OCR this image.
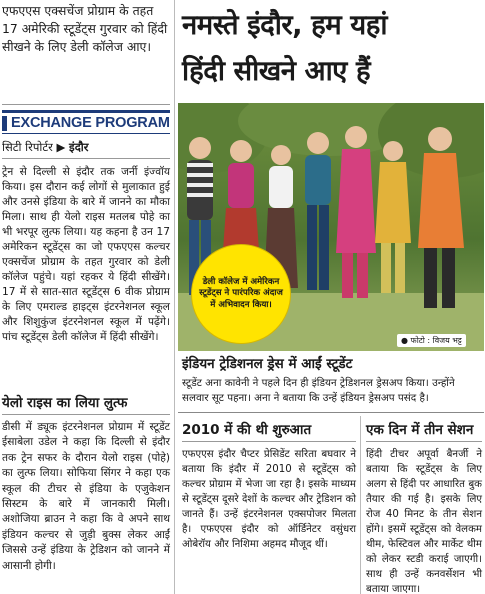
एफएएस एक्सचेंज प्रोग्राम के तहत 17 अमेरिकी स्टूडेंट्स गुरवार को हिंदी सीखने के लिए डेली कॉलेज आए।

EXCHANGE PROGRAM
सिटी रिपोर्टर ▶ इंदौर

ट्रेन से दिल्ली से इंदौर तक जर्नी इंज्वॉय किया। इस दौरान कई लोगों से मुलाकात हुई और उनसे इंडिया के बारे में जानने का मौका मिला। साथ ही येलो राइस मतलब पोहे का भी भरपूर लुत्फ लिया। यह कहना है उन 17 अमेरिकन स्टूडेंट्स का जो एफएएस कल्चर एक्सचेंज प्रोग्राम के तहत गुरवार को डेली कॉलेज पहुंचे। यहां रहकर ये हिंदी सीखेंगे। 17 में से सात-सात स्टूडेंट्स 6 वीक प्रोग्राम के लिए एमराल्ड हाइट्स इंटरनेशनल स्कूल और शिशुकुंज इंटरनेशनल स्कूल में पढ़ेंगे। पांच स्टूडेंट्स डेली कॉलेज में हिंदी सीखेंगे।

येलो राइस का लिया लुत्फ

डीसी में ड्यूक इंटरनेशनल प्रोग्राम में स्टूडेंट ईसाबेला उडेल ने कहा कि दिल्ली से इंदौर तक ट्रेन सफर के दौरान येलो राइस (पोहे) का लुत्फ लिया। सोफिया सिंगर ने कहा एक स्कूल की टीचर से इंडिया के एजुकेशन सिस्टम के बारे में जानकारी मिली। अशोजिया ब्राउन ने कहा कि वे अपने साथ इंडियन कल्चर से जुड़ी बुक्स लेकर आईं जिससे उन्हें इंडिया के ट्रेडिशन को जानने में आसानी होगी।

नमस्ते इंदौर, हम यहां
हिंदी सीखने आए हैं
डेली कॉलेज में अमेरिकन स्टूडेंट्स ने पारंपरिक अंदाज में अभिवादन किया।
● फोटो : विजय भट्ट
इंडियन ट्रेडिशनल ड्रेस में आईं स्टूडेंट

स्टूडेंट अना कावेनी ने पहले दिन ही इंडियन ट्रेडिशनल ड्रेसअप किया। उन्होंने सलवार सूट पहना। अना ने बताया कि उन्हें इंडियन ड्रेसअप पसंद है।

2010 में की थी शुरुआत

एफएएस इंदौर चैप्टर प्रेसिडेंट सरिता बघवार ने बताया कि इंदौर में 2010 से स्टूडेंट्स को कल्चर प्रोग्राम में भेजा जा रहा है। इसके माध्यम से स्टूडेंट्स दूसरे देशों के कल्चर और ट्रेडिशन को जानते हैं। उन्हें इंटरनेशनल एक्सपोजर मिलता है। एफएएस इंदौर को ऑर्डिनेटर वसुंधरा ओबेरॉय और निशिमा अहमद मौजूद थीं।

एक दिन में तीन सेशन

हिंदी टीचर अपूर्वा बैनर्जी ने बताया कि स्टूडेंट्स के लिए अलग से हिंदी पर आधारित बुक तैयार की गई है। इसके लिए रोज 40 मिनट के तीन सेशन होंगे। इसमें स्टूडेंट्स को वेलकम थीम, फेस्टिवल और मार्केट थीम को लेकर स्टडी कराई जाएगी। साथ ही उन्हें कनवर्सेशन भी बताया जाएगा।
